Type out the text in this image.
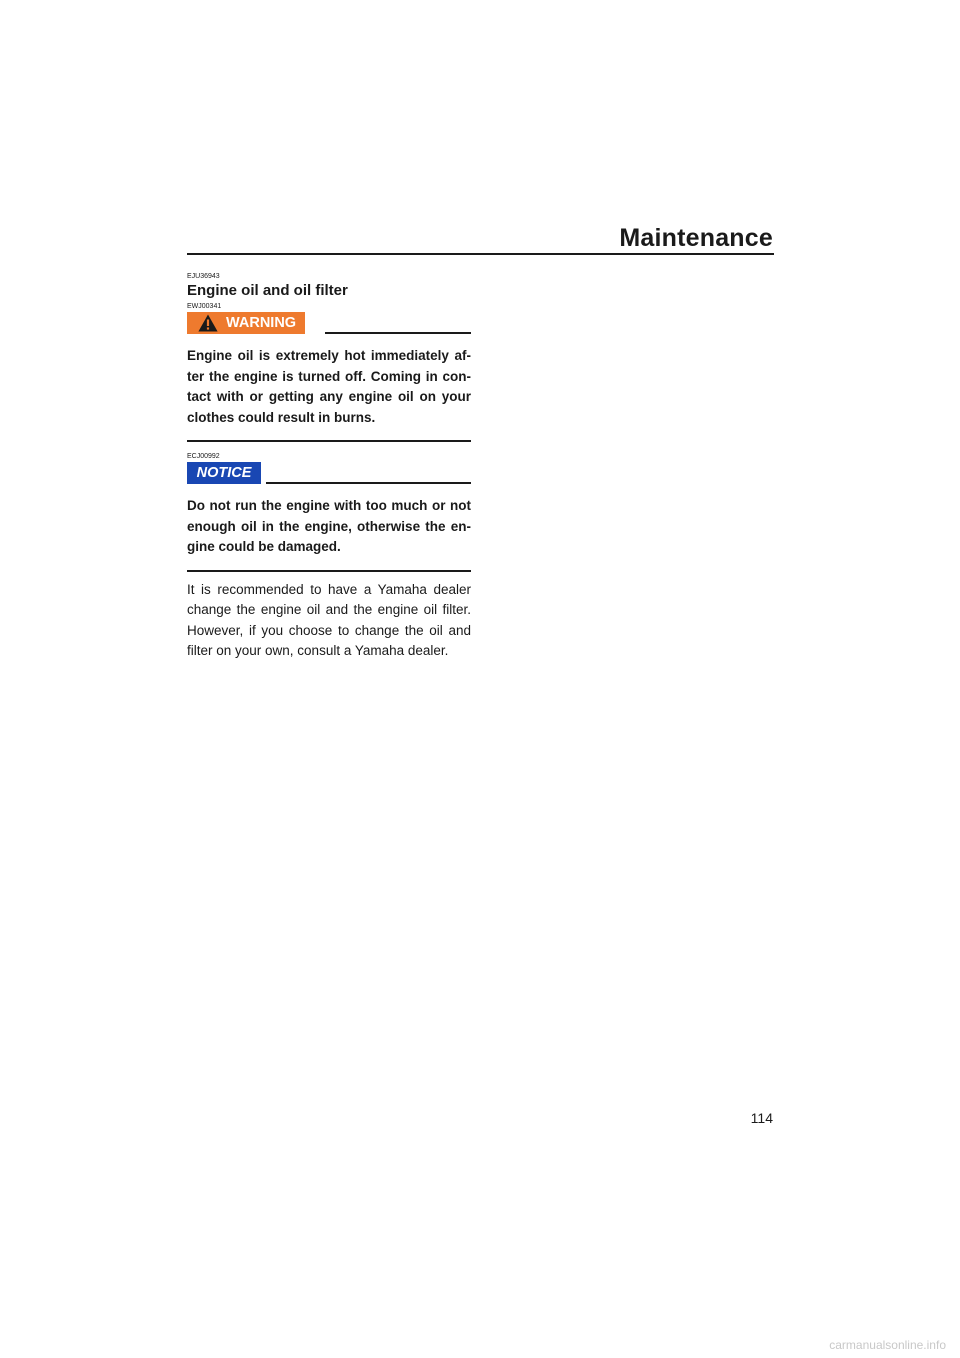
Maintenance
EJU36943
Engine oil and oil filter
EWJ00341
WARNING

Engine oil is extremely hot immediately af- ter the engine is turned off. Coming in con- tact with or getting any engine oil on your clothes could result in burns.

ECJ00992
NOTICE

Do not run the engine with too much or not enough oil in the engine, otherwise the en- gine could be damaged.

It is recommended to have a Yamaha dealer change the engine oil and the engine oil filter. However, if you choose to change the oil and filter on your own, consult a Yamaha dealer.

114
carmanualsonline.info
